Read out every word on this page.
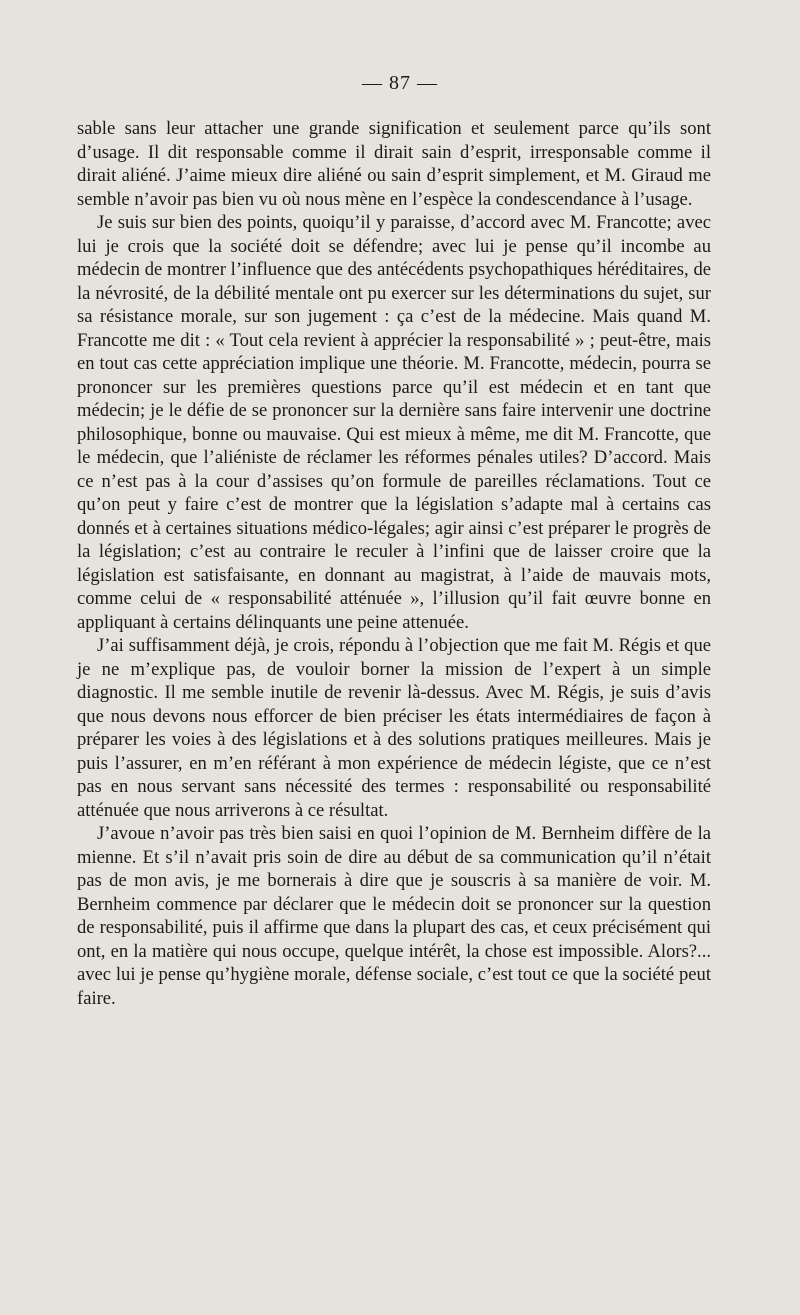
— 87 —

sable sans leur attacher une grande signification et seulement parce qu’ils sont d’usage. Il dit responsable comme il dirait sain d’esprit, irresponsable comme il dirait aliéné. J’aime mieux dire aliéné ou sain d’esprit simplement, et M. Giraud me semble n’avoir pas bien vu où nous mène en l’espèce la condescendance à l’usage.

Je suis sur bien des points, quoiqu’il y paraisse, d’accord avec M. Francotte; avec lui je crois que la société doit se défendre; avec lui je pense qu’il incombe au médecin de montrer l’influence que des antécédents psychopathiques héréditaires, de la névrosité, de la débilité mentale ont pu exercer sur les déterminations du sujet, sur sa résistance morale, sur son jugement : ça c’est de la médecine. Mais quand M. Francotte me dit : « Tout cela revient à apprécier la responsabilité » ; peut-être, mais en tout cas cette appréciation implique une théorie. M. Francotte, médecin, pourra se prononcer sur les premières questions parce qu’il est médecin et en tant que médecin; je le défie de se prononcer sur la dernière sans faire intervenir une doctrine philosophique, bonne ou mauvaise. Qui est mieux à même, me dit M. Francotte, que le médecin, que l’aliéniste de réclamer les réformes pénales utiles? D’accord. Mais ce n’est pas à la cour d’assises qu’on formule de pareilles réclamations. Tout ce qu’on peut y faire c’est de montrer que la législation s’adapte mal à certains cas donnés et à certaines situations médico-légales; agir ainsi c’est préparer le progrès de la législation; c’est au contraire le reculer à l’infini que de laisser croire que la législation est satisfaisante, en donnant au magistrat, à l’aide de mauvais mots, comme celui de « responsabilité atténuée », l’illusion qu’il fait œuvre bonne en appliquant à certains délinquants une peine attenuée.

J’ai suffisamment déjà, je crois, répondu à l’objection que me fait M. Régis et que je ne m’explique pas, de vouloir borner la mission de l’expert à un simple diagnostic. Il me semble inutile de revenir là-dessus. Avec M. Régis, je suis d’avis que nous devons nous efforcer de bien préciser les états intermédiaires de façon à préparer les voies à des législations et à des solutions pratiques meilleures. Mais je puis l’assurer, en m’en référant à mon expérience de médecin légiste, que ce n’est pas en nous servant sans nécessité des termes : responsabilité ou responsabilité atténuée que nous arriverons à ce résultat.

J’avoue n’avoir pas très bien saisi en quoi l’opinion de M. Bernheim diffère de la mienne. Et s’il n’avait pris soin de dire au début de sa communication qu’il n’était pas de mon avis, je me bornerais à dire que je souscris à sa manière de voir. M. Bernheim commence par déclarer que le médecin doit se prononcer sur la question de responsabilité, puis il affirme que dans la plupart des cas, et ceux précisément qui ont, en la matière qui nous occupe, quelque intérêt, la chose est impossible. Alors?... avec lui je pense qu’hygiène morale, défense sociale, c’est tout ce que la société peut faire.
